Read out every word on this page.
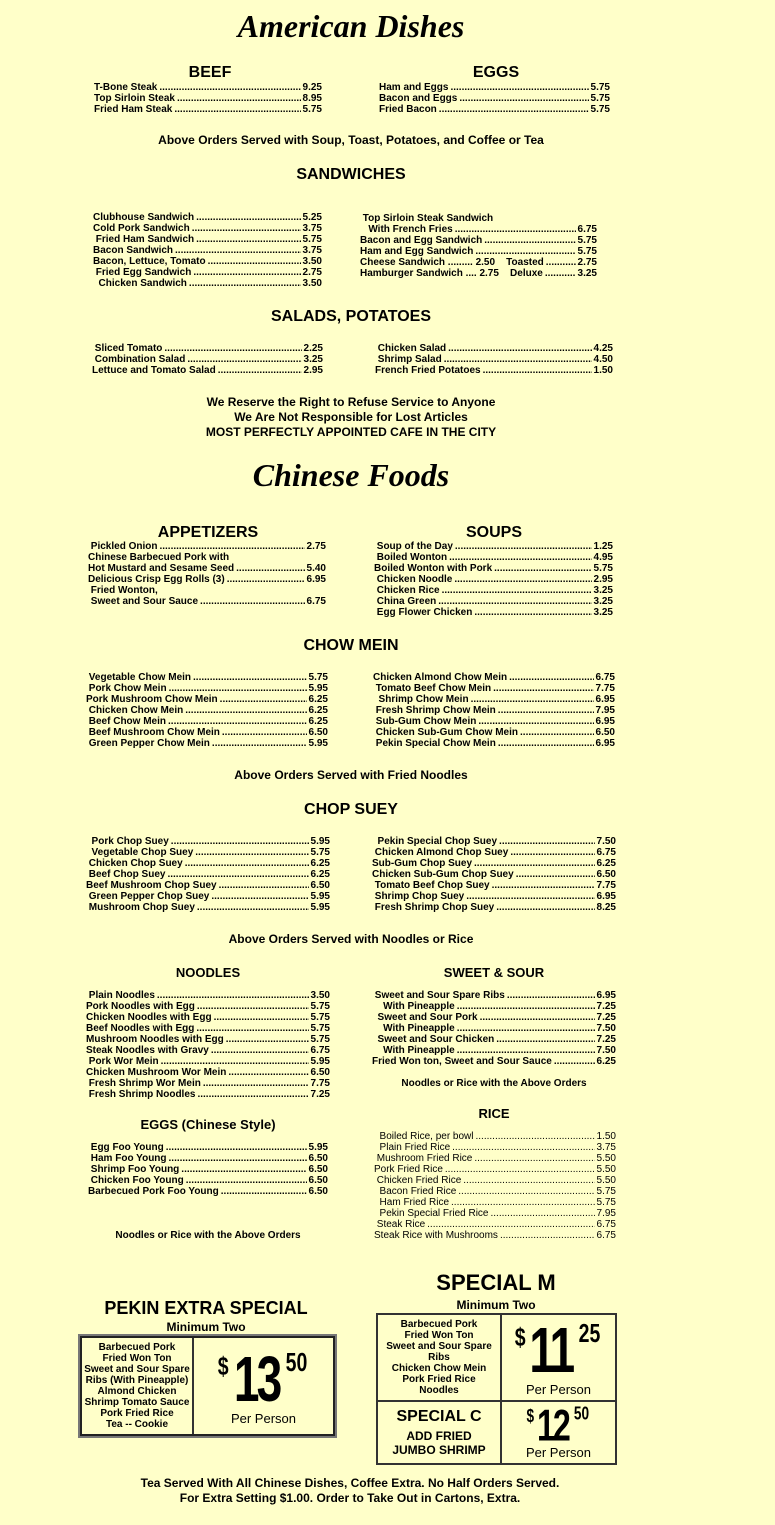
American Dishes
BEEF	EGGS
Above Orders Served with Soup, Toast, Potatoes, and Coffee or Tea
SANDWICHES
SALADS, POTATOES
We Reserve the Right to Refuse Service to Anyone
We Are Not Responsible for Lost Articles
MOST PERFECTLY APPOINTED CAFE IN THE CITY
Chinese Foods
APPETIZERS	SOUPS
CHOW MEIN
Above Orders Served with Fried Noodles
CHOP SUEY
Above Orders Served with Noodles or Rice
NOODLES	SWEET & SOUR
Noodles or Rice with the Above Orders
RICE
EGGS (Chinese Style)
Noodles or Rice with the Above Orders
SPECIAL M
Minimum Two
Barbecued Pork
Fried Won Ton
Sweet and Sour Spare
Ribs
Chicken Chow Mein
Pork Fried Rice
Noodles
$ 11 25
Per Person
SPECIAL C
ADD FRIED
JUMBO SHRIMP
$ 12 50
Per Person
PEKIN EXTRA SPECIAL
Minimum Two
Barbecued Pork
Fried Won Ton
Sweet and Sour Spare
Ribs (With Pineapple)
Almond Chicken
Shrimp Tomato Sauce
Pork Fried Rice
Tea -- Cookie
$ 13 50
Per Person
Tea Served With All Chinese Dishes, Coffee Extra. No Half Orders Served.
For Extra Setting $1.00. Order to Take Out in Cartons, Extra.
T-Bone Steak .....	9.25
Top Sirloin Steak .....	8.95
Fried Ham Steak .....	5.75
Ham and Eggs .....	5.75
Bacon and Eggs .....	5.75
Fried Bacon .....	5.75
Clubhouse Sandwich .....	5.25
Cold Pork Sandwich .....	3.75
Fried Ham Sandwich .....	5.75
Bacon Sandwich .....	3.75
Bacon, Lettuce, Tomato .....	3.50
Fried Egg Sandwich .....	2.75
Chicken Sandwich .....	3.50
Top Sirloin Steak Sandwich
With French Fries .....	6.75
Bacon and Egg Sandwich .....	5.75
Ham and Egg Sandwich .....	5.75
Cheese Sandwich ......... 2.50    Toasted .....	2.75
Hamburger Sandwich .... 2.75    Deluxe .....	3.25
Sliced Tomato .....	2.25
Combination Salad .....	3.25
Lettuce and Tomato Salad .....	2.95
Chicken Salad .....	4.25
Shrimp Salad .....	4.50
French Fried Potatoes .....	1.50
Pickled Onion .....	2.75
Chinese Barbecued Pork with
Hot Mustard and Sesame Seed .....	5.40
Delicious Crisp Egg Rolls (3) .....	6.95
Fried Wonton,
Sweet and Sour Sauce .....	6.75
Soup of the Day .....	1.25
Boiled Wonton .....	4.95
Boiled Wonton with Pork .....	5.75
Chicken Noodle .....	2.95
Chicken Rice .....	3.25
China Green .....	3.25
Egg Flower Chicken .....	3.25
Vegetable Chow Mein .....	5.75
Pork Chow Mein .....	5.95
Pork Mushroom Chow Mein .....	6.25
Chicken Chow Mein .....	6.25
Beef Chow Mein .....	6.25
Beef Mushroom Chow Mein .....	6.50
Green Pepper Chow Mein .....	5.95
Chicken Almond Chow Mein .....	6.75
Tomato Beef Chow Mein .....	7.75
Shrimp Chow Mein .....	6.95
Fresh Shrimp Chow Mein .....	7.95
Sub-Gum Chow Mein .....	6.95
Chicken Sub-Gum Chow Mein .....	6.50
Pekin Special Chow Mein .....	6.95
Pork Chop Suey .....	5.95
Vegetable Chop Suey .....	5.75
Chicken Chop Suey .....	6.25
Beef Chop Suey .....	6.25
Beef Mushroom Chop Suey .....	6.50
Green Pepper Chop Suey .....	5.95
Mushroom Chop Suey .....	5.95
Pekin Special Chop Suey .....	7.50
Chicken Almond Chop Suey .....	6.75
Sub-Gum Chop Suey .....	6.25
Chicken Sub-Gum Chop Suey .....	6.50
Tomato Beef Chop Suey .....	7.75
Shrimp Chop Suey .....	6.95
Fresh Shrimp Chop Suey .....	8.25
Plain Noodles .....	3.50
Pork Noodles with Egg .....	5.75
Chicken Noodles with Egg .....	5.75
Beef Noodles with Egg .....	5.75
Mushroom Noodles with Egg .....	5.75
Steak Noodles with Gravy .....	6.75
Pork Wor Mein .....	5.95
Chicken Mushroom Wor Mein .....	6.50
Fresh Shrimp Wor Mein .....	7.75
Fresh Shrimp Noodles .....	7.25
Sweet and Sour Spare Ribs .....	6.95
With Pineapple .....	7.25
Sweet and Sour Pork .....	7.25
With Pineapple .....	7.50
Sweet and Sour Chicken .....	7.25
With Pineapple .....	7.50
Fried Won ton, Sweet and Sour Sauce .....	6.25
Egg Foo Young .....	5.95
Ham Foo Young .....	6.50
Shrimp Foo Young .....	6.50
Chicken Foo Young .....	6.50
Barbecued Pork Foo Young .....	6.50
Boiled Rice, per bowl .....	1.50
Plain Fried Rice .....	3.75
Mushroom Fried Rice .....	5.50
Pork Fried Rice .....	5.50
Chicken Fried Rice .....	5.50
Bacon Fried Rice .....	5.75
Ham Fried Rice .....	5.75
Pekin Special Fried Rice .....	7.95
Steak Rice .....	6.75
Steak Rice with Mushrooms .....	6.75
